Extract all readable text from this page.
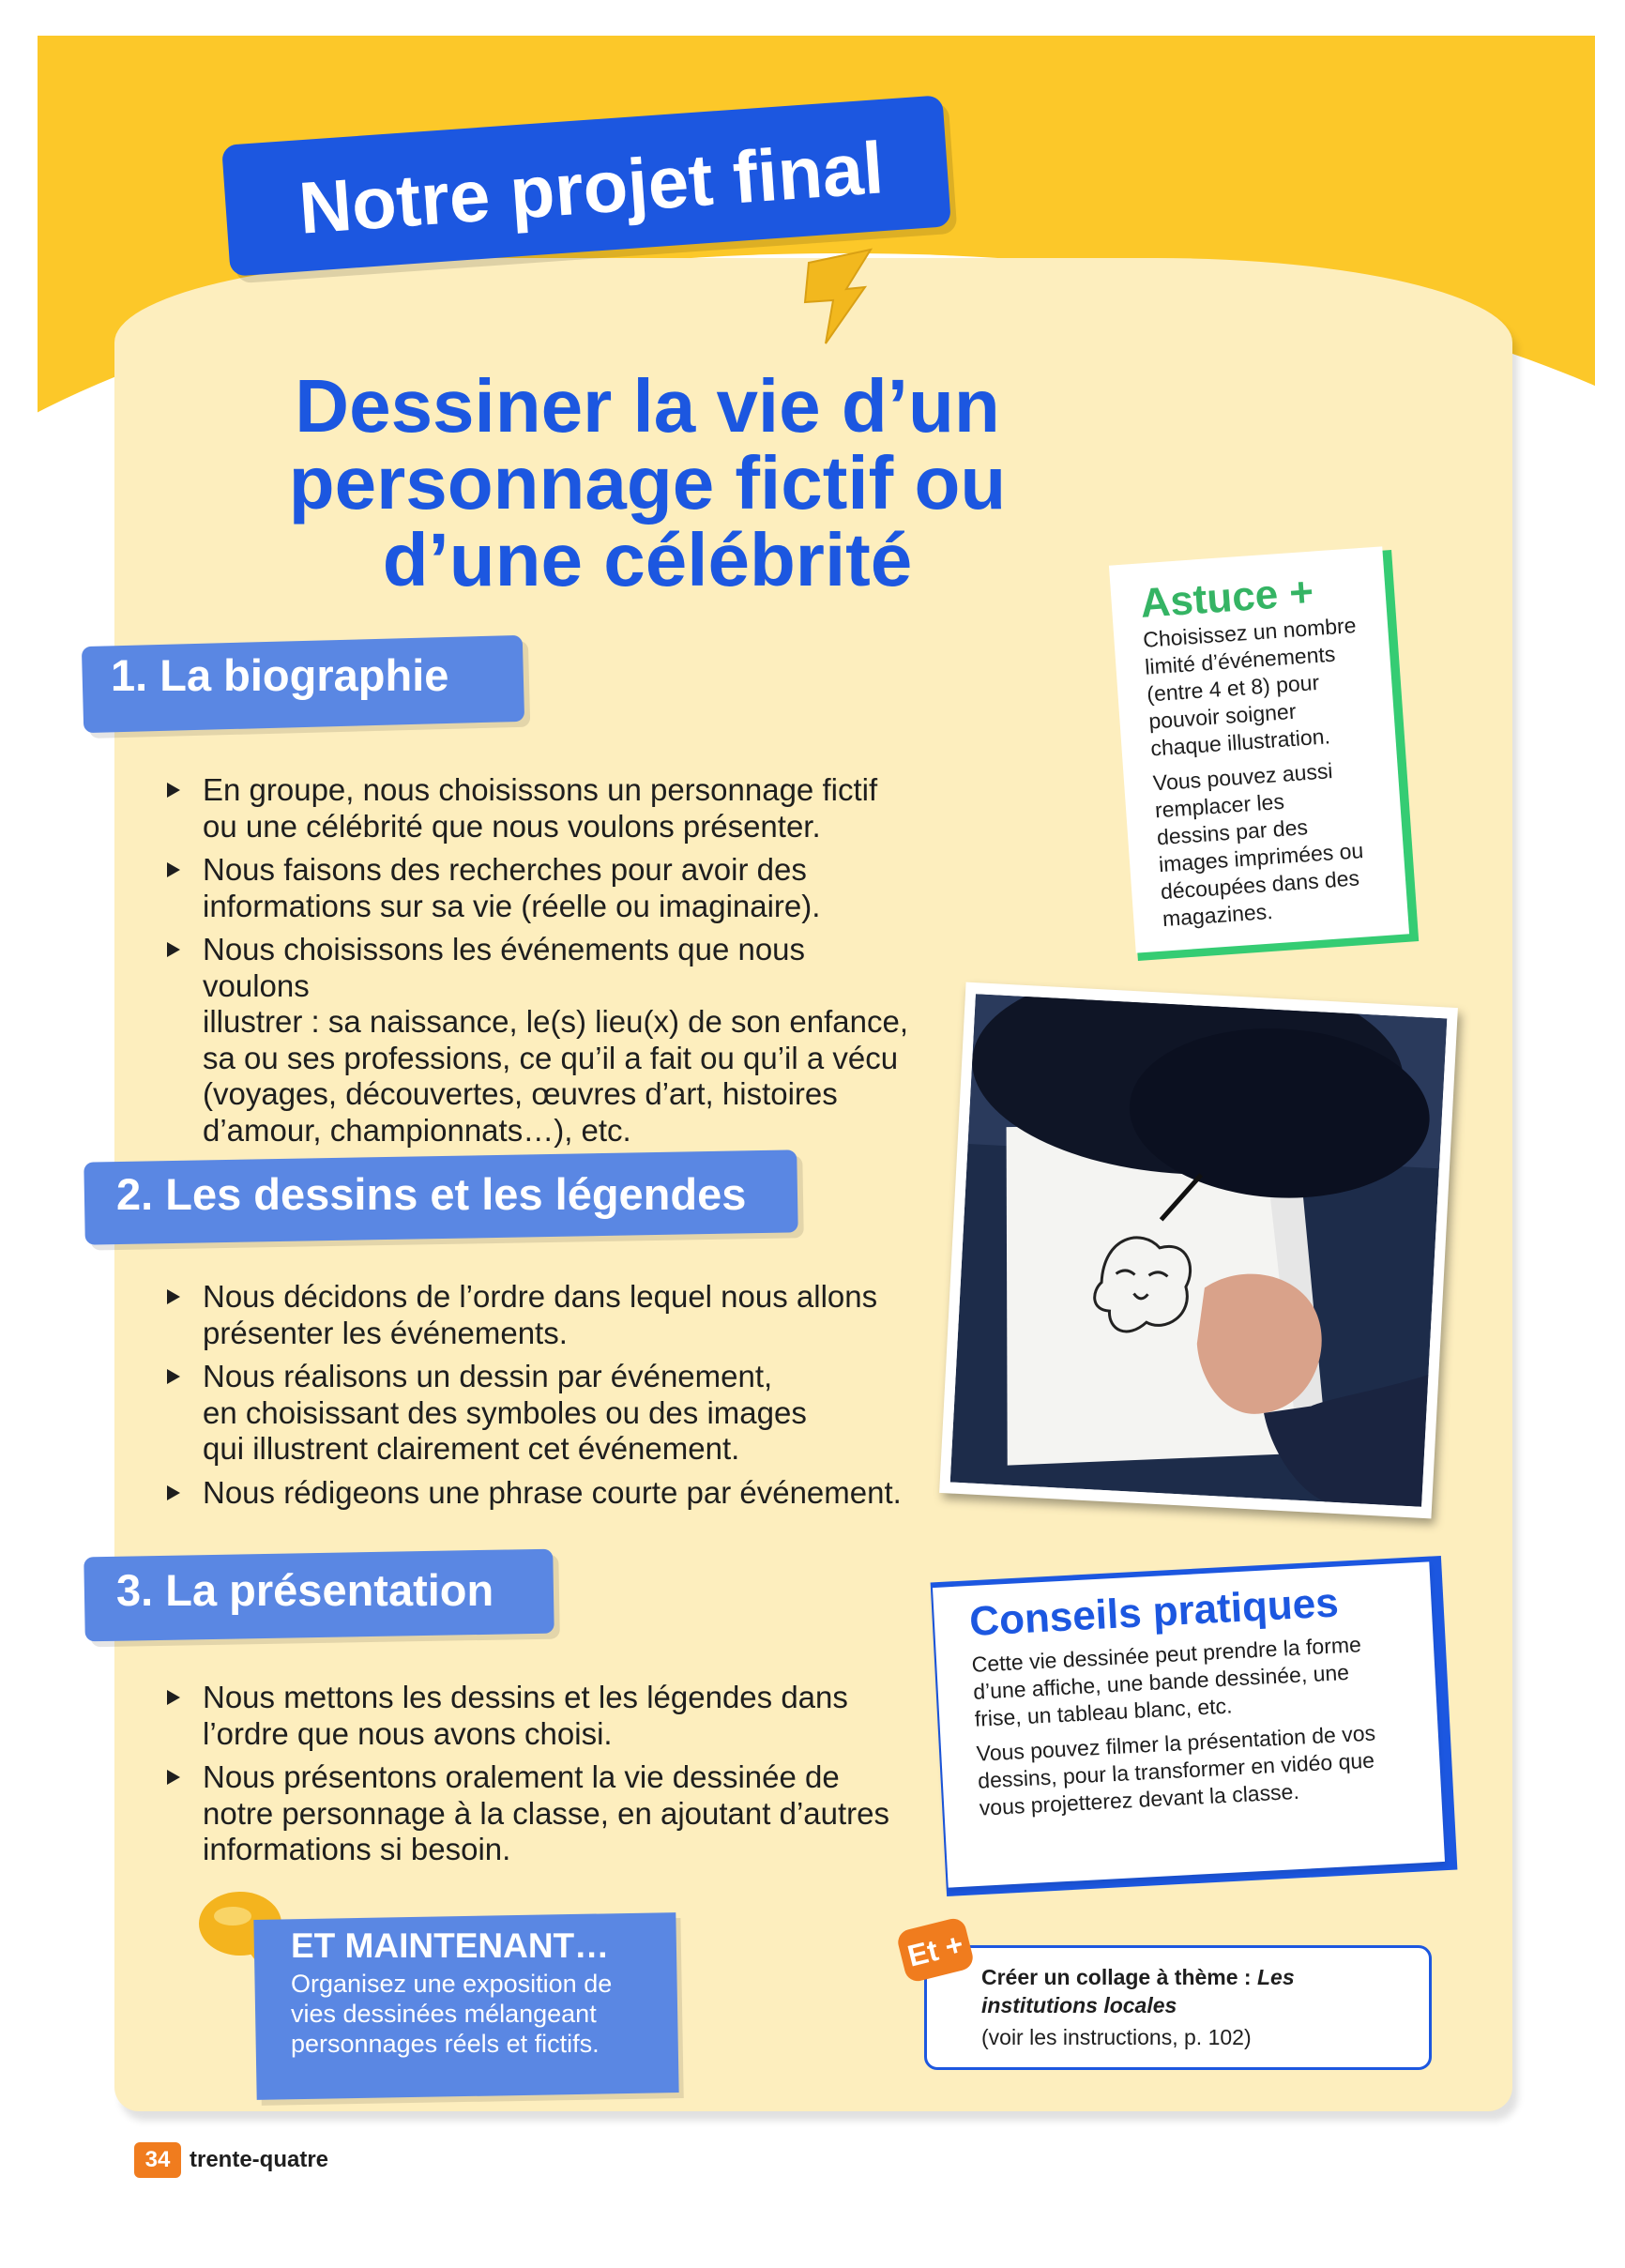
Notre projet final
Dessiner la vie d’un
personnage fictif ou
d’une célébrité
1. La biographie
En groupe, nous choisissons un personnage fictif
ou une célébrité que nous voulons présenter.
Nous faisons des recherches pour avoir des
informations sur sa vie (réelle ou imaginaire).
Nous choisissons les événements que nous voulons
illustrer : sa naissance, le(s) lieu(x) de son enfance,
sa ou ses professions, ce qu’il a fait ou qu’il a vécu
(voyages, découvertes, œuvres d’art, histoires
d’amour, championnats…), etc.
2. Les dessins et les légendes
Nous décidons de l’ordre dans lequel nous allons
présenter les événements.
Nous réalisons un dessin par événement,
en choisissant des symboles ou des images
qui illustrent clairement cet événement.
Nous rédigeons une phrase courte par événement.
3. La présentation
Nous mettons les dessins et les légendes dans
l’ordre que nous avons choisi.
Nous présentons oralement la vie dessinée de
notre personnage à la classe, en ajoutant d’autres
informations si besoin.
Astuce +

Choisissez un nombre
limité d’événements
(entre 4 et 8) pour
pouvoir soigner
chaque illustration.

Vous pouvez aussi
remplacer les
dessins par des
images imprimées ou
découpées dans des
magazines.

Conseils pratiques

Cette vie dessinée peut prendre la forme
d’une affiche, une bande dessinée, une
frise, un tableau blanc, etc.

Vous pouvez filmer la présentation de vos
dessins, pour la transformer en vidéo que
vous projetterez devant la classe.

ET MAINTENANT…
Organisez une exposition de
vies dessinées mélangeant
personnages réels et fictifs.
Et +
Créer un collage à thème : Les institutions locales
(voir les instructions, p. 102)
34 trente-quatre
